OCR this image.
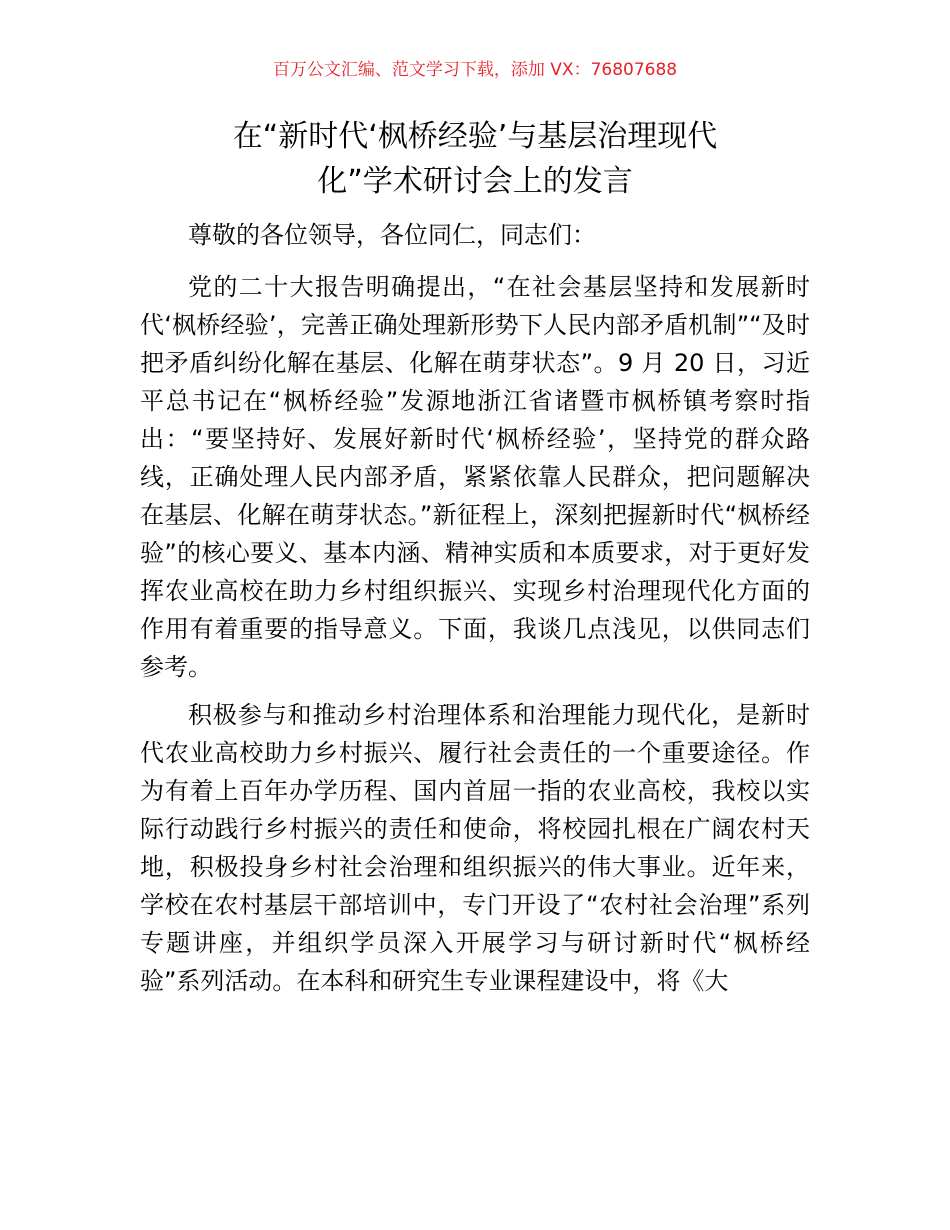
百万公文汇编、范文学习下载，添加 VX：76807688
在“新时代‘枫桥经验’与基层治理现代
化”学术研讨会上的发言

尊敬的各位领导，各位同仁，同志们：

党的二十大报告明确提出，“在社会基层坚持和发展新时代‘枫桥经验’，完善正确处理新形势下人民内部矛盾机制”“及时把矛盾纠纷化解在基层、化解在萌芽状态”。9 月 20 日，习近平总书记在“枫桥经验”发源地浙江省诸暨市枫桥镇考察时指出：“要坚持好、发展好新时代‘枫桥经验’，坚持党的群众路线，正确处理人民内部矛盾，紧紧依靠人民群众，把问题解决在基层、化解在萌芽状态。”新征程上，深刻把握新时代“枫桥经验”的核心要义、基本内涵、精神实质和本质要求，对于更好发挥农业高校在助力乡村组织振兴、实现乡村治理现代化方面的作用有着重要的指导意义。下面，我谈几点浅见，以供同志们参考。

积极参与和推动乡村治理体系和治理能力现代化，是新时代农业高校助力乡村振兴、履行社会责任的一个重要途径。作为有着上百年办学历程、国内首屈一指的农业高校，我校以实际行动践行乡村振兴的责任和使命，将校园扎根在广阔农村天地，积极投身乡村社会治理和组织振兴的伟大事业。近年来，学校在农村基层干部培训中，专门开设了“农村社会治理”系列专题讲座，并组织学员深入开展学习与研讨新时代“枫桥经验”系列活动。在本科和研究生专业课程建设中，将《大
